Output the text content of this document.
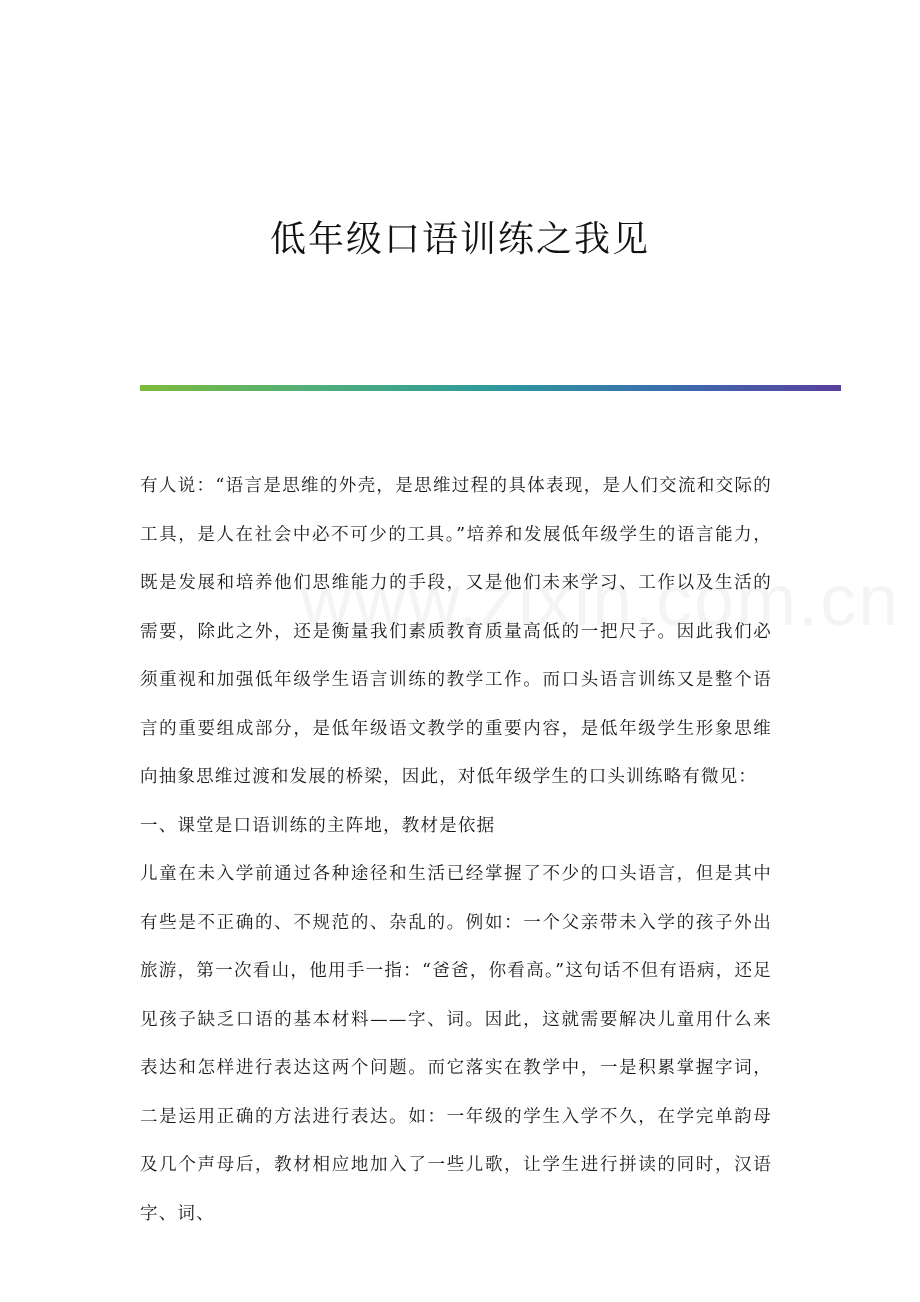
低年级口语训练之我见

有人说：“语言是思维的外壳，是思维过程的具体表现，是人们交流和交际的工具，是人在社会中必不可少的工具。”培养和发展低年级学生的语言能力，既是发展和培养他们思维能力的手段，又是他们未来学习、工作以及生活的需要，除此之外，还是衡量我们素质教育质量高低的一把尺子。因此我们必须重视和加强低年级学生语言训练的教学工作。而口头语言训练又是整个语言的重要组成部分，是低年级语文教学的重要内容，是低年级学生形象思维向抽象思维过渡和发展的桥梁，因此，对低年级学生的口头训练略有微见：

一、课堂是口语训练的主阵地，教材是依据

儿童在未入学前通过各种途径和生活已经掌握了不少的口头语言，但是其中有些是不正确的、不规范的、杂乱的。例如：一个父亲带未入学的孩子外出旅游，第一次看山，他用手一指：“爸爸，你看高。”这句话不但有语病，还足见孩子缺乏口语的基本材料——字、词。因此，这就需要解决儿童用什么来表达和怎样进行表达这两个问题。而它落实在教学中，一是积累掌握字词，二是运用正确的方法进行表达。如：一年级的学生入学不久，在学完单韵母及几个声母后，教材相应地加入了一些儿歌，让学生进行拼读的同时，汉语字、词、
